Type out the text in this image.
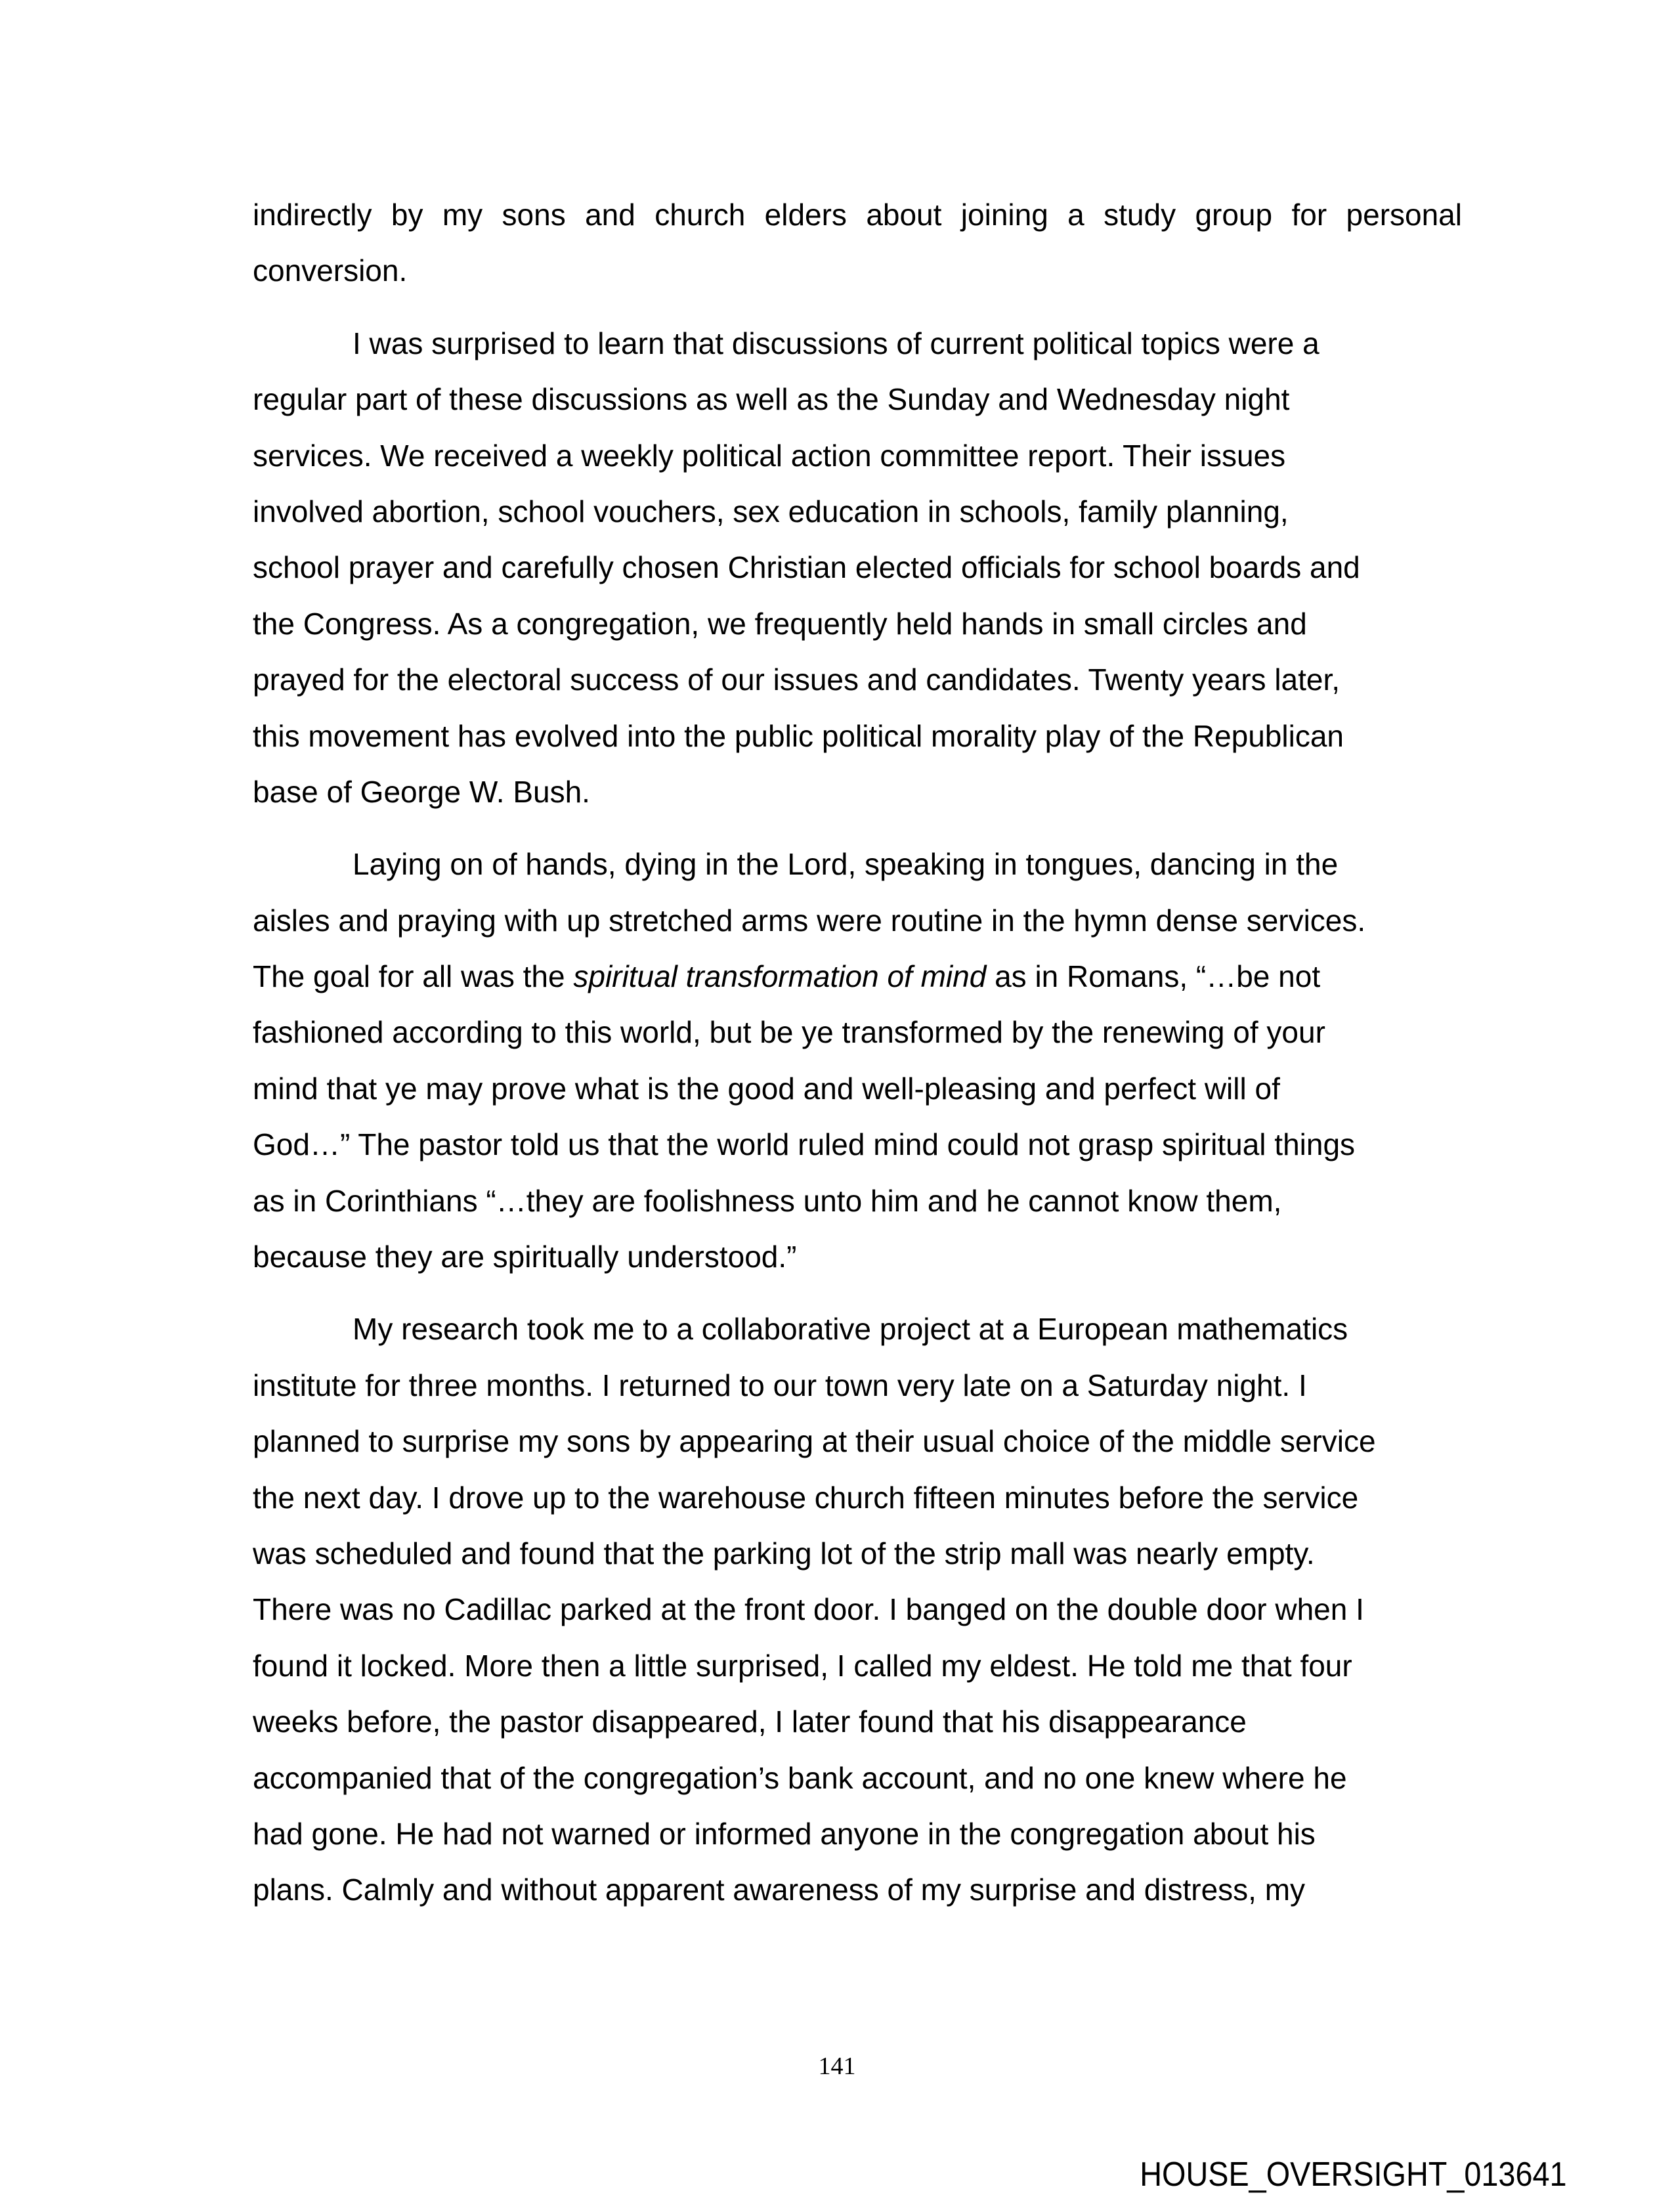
indirectly by my sons and church elders about joining a study group for personal
conversion.
I was surprised to learn that discussions of current political topics were a
regular part of these discussions as well as the Sunday and Wednesday night
services. We received a weekly political action committee report. Their issues
involved abortion, school vouchers, sex education in schools, family planning,
school prayer and carefully chosen Christian elected officials for school boards and
the Congress. As a congregation, we frequently held hands in small circles and
prayed for the electoral success of our issues and candidates. Twenty years later,
this movement has evolved into the public political morality play of the Republican
base of George W. Bush.
Laying on of hands, dying in the Lord, speaking in tongues, dancing in the
aisles and praying with up stretched arms were routine in the hymn dense services.
The goal for all was the spiritual transformation of mind as in Romans, “…be not
fashioned according to this world, but be ye transformed by the renewing of your
mind that ye may prove what is the good and well-pleasing and perfect will of
God…” The pastor told us that the world ruled mind could not grasp spiritual things
as in Corinthians “…they are foolishness unto him and he cannot know them,
because they are spiritually understood.”
My research took me to a collaborative project at a European mathematics
institute for three months. I returned to our town very late on a Saturday night. I
planned to surprise my sons by appearing at their usual choice of the middle service
the next day. I drove up to the warehouse church fifteen minutes before the service
was scheduled and found that the parking lot of the strip mall was nearly empty.
There was no Cadillac parked at the front door. I banged on the double door when I
found it locked. More then a little surprised, I called my eldest. He told me that four
weeks before, the pastor disappeared, I later found that his disappearance
accompanied that of the congregation’s bank account, and no one knew where he
had gone. He had not warned or informed anyone in the congregation about his
plans. Calmly and without apparent awareness of my surprise and distress, my
141
HOUSE_OVERSIGHT_013641
